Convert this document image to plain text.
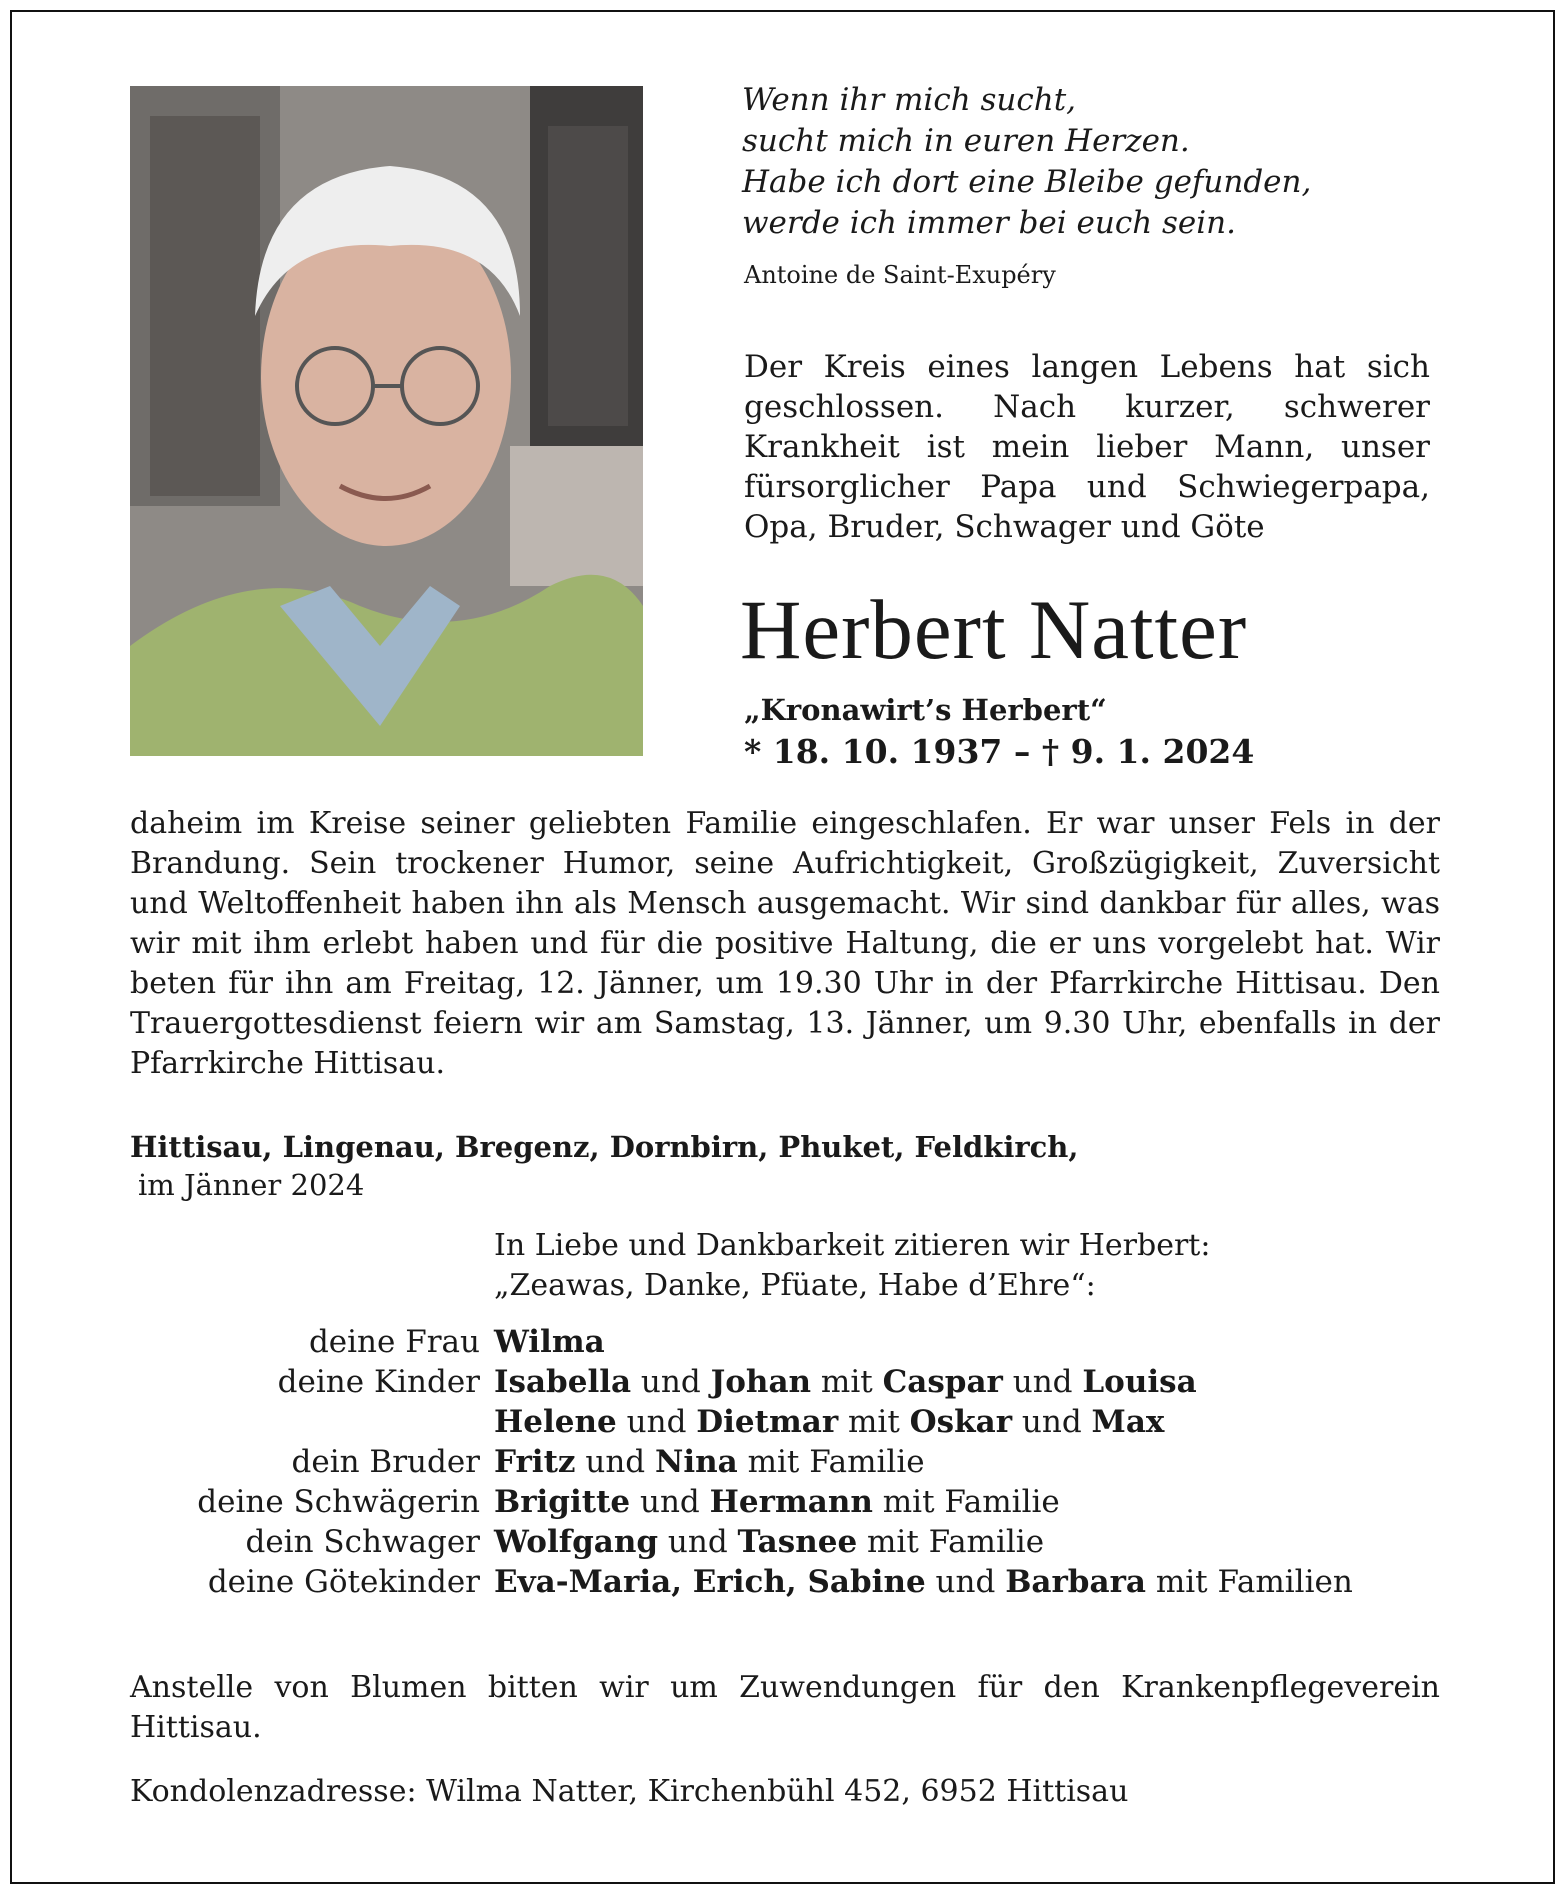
Wenn ihr mich sucht,
sucht mich in euren Herzen.
Habe ich dort eine Bleibe gefunden,
werde ich immer bei euch sein.
Antoine de Saint-Exupéry
Der Kreis eines langen Lebens hat sich geschlossen. Nach kurzer, schwerer Krankheit ist mein lieber Mann, unser fürsorglicher Papa und Schwiegerpapa, Opa, Bruder, Schwager und Göte
Herbert Natter
„Kronawirt’s Herbert“
* 18. 10. 1937 – † 9. 1. 2024
daheim im Kreise seiner geliebten Familie eingeschlafen. Er war unser Fels in der Brandung. Sein trockener Humor, seine Aufrichtigkeit, Großzügigkeit, Zuversicht und Weltoffenheit haben ihn als Mensch ausgemacht. Wir sind dankbar für alles, was wir mit ihm erlebt haben und für die positive Haltung, die er uns vorgelebt hat. Wir beten für ihn am Freitag, 12. Jänner, um 19.30 Uhr in der Pfarrkirche Hittisau. Den Trauergottesdienst feiern wir am Samstag, 13. Jänner, um 9.30 Uhr, ebenfalls in der Pfarrkirche Hittisau.
Hittisau, Lingenau, Bregenz, Dornbirn, Phuket, Feldkirch,
im Jänner 2024
In Liebe und Dankbarkeit zitieren wir Herbert:
„Zeawas, Danke, Pfüate, Habe d’Ehre“:
deine Frau Wilma
deine Kinder Isabella und Johan mit Caspar und Louisa
Helene und Dietmar mit Oskar und Max
dein Bruder Fritz und Nina mit Familie
deine Schwägerin Brigitte und Hermann mit Familie
dein Schwager Wolfgang und Tasnee mit Familie
deine Götekinder Eva-Maria, Erich, Sabine und Barbara mit Familien
Anstelle von Blumen bitten wir um Zuwendungen für den Krankenpflegeverein Hittisau.
Kondolenzadresse: Wilma Natter, Kirchenbühl 452, 6952 Hittisau
